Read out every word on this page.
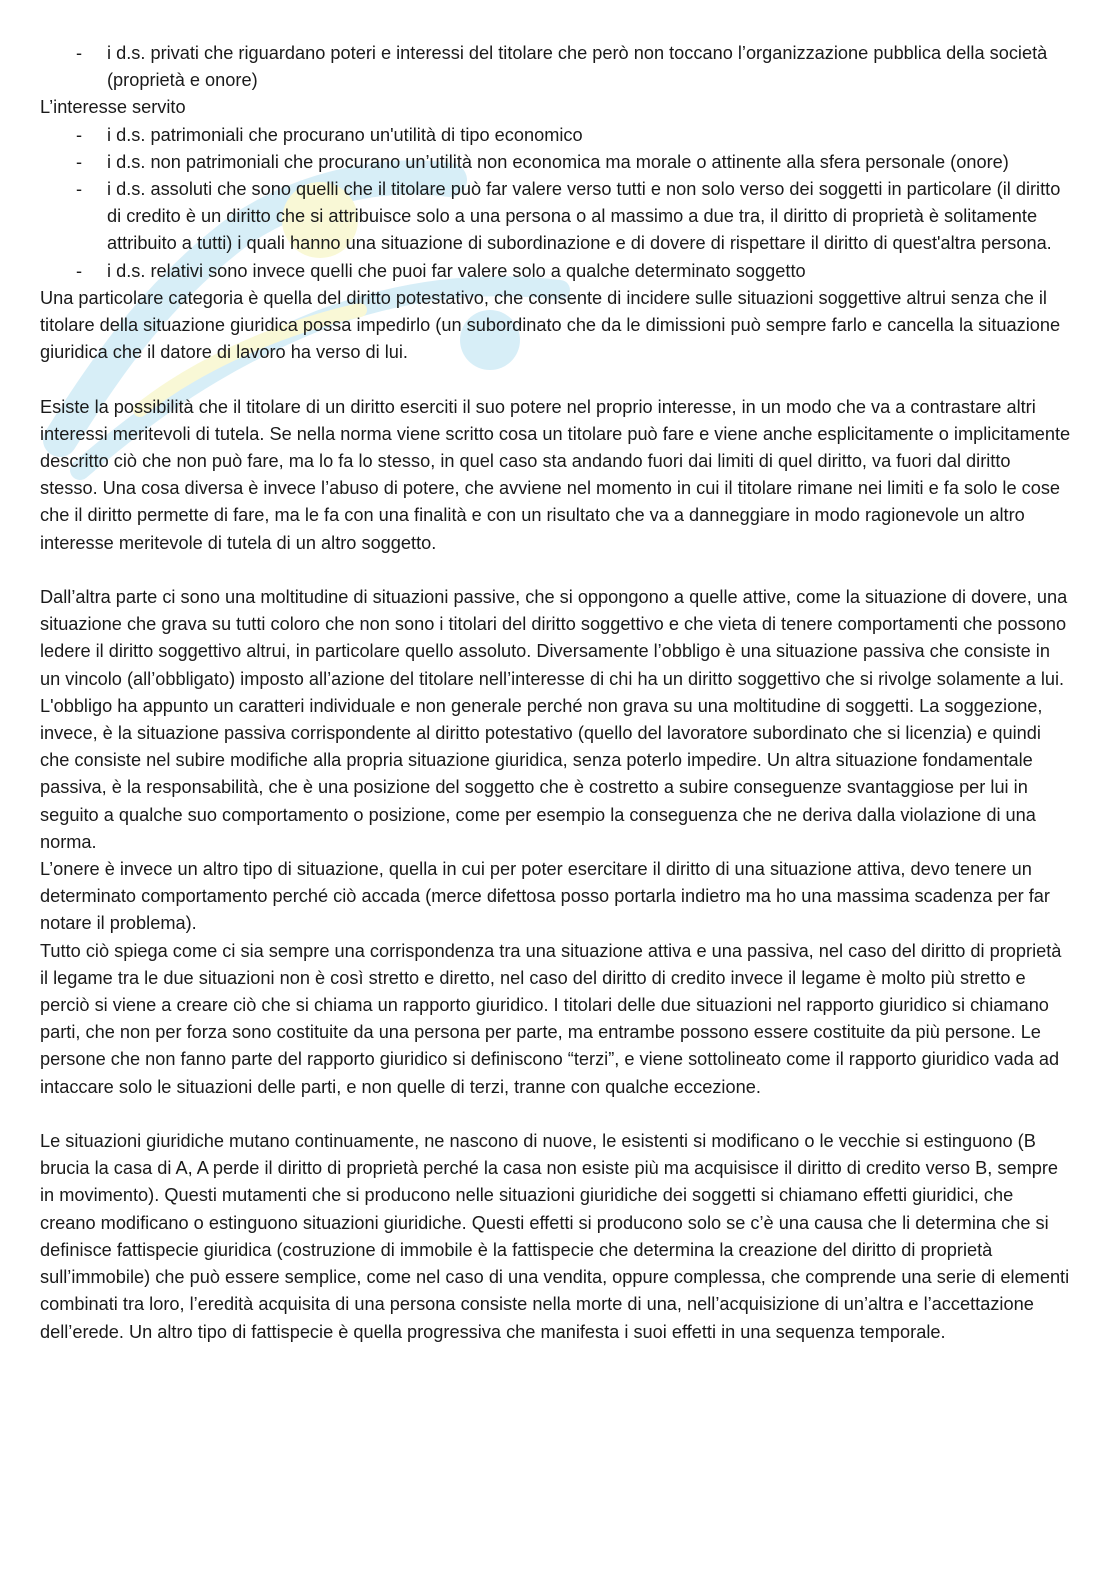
- i d.s. privati che riguardano poteri e interessi del titolare che però non toccano l’organizzazione pubblica della società (proprietà e onore)

L’interesse servito

- i d.s. patrimoniali che procurano un'utilità di tipo economico
- i d.s. non patrimoniali che procurano un’utilità non economica ma morale o attinente alla sfera personale (onore)
- i d.s. assoluti che sono quelli che il titolare può far valere verso tutti e non solo verso dei soggetti in particolare (il diritto di credito è un diritto che si attribuisce solo a una persona o al massimo a due tra, il diritto di proprietà è solitamente attribuito a tutti) i quali hanno una situazione di subordinazione e di dovere di rispettare il diritto di quest'altra persona.
- i d.s. relativi sono invece quelli che puoi far valere solo a qualche determinato soggetto

Una particolare categoria è quella del diritto potestativo, che consente di incidere sulle situazioni soggettive altrui senza che il titolare della situazione giuridica possa impedirlo (un subordinato che da le dimissioni può sempre farlo e cancella la situazione giuridica che il datore di lavoro ha verso di lui.

Esiste la possibilità che il titolare di un diritto eserciti il suo potere nel proprio interesse, in un modo che va a contrastare altri interessi meritevoli di tutela. Se nella norma viene scritto cosa un titolare può fare e viene anche esplicitamente o implicitamente descritto ciò che non può fare, ma lo fa lo stesso, in quel caso sta andando fuori dai limiti di quel diritto, va fuori dal diritto stesso. Una cosa diversa è invece l’abuso di potere, che avviene nel momento in cui il titolare rimane nei limiti e fa solo le cose che il diritto permette di fare, ma le fa con una finalità e con un risultato che va a danneggiare in modo ragionevole un altro interesse meritevole di tutela di un altro soggetto.

Dall’altra parte ci sono una moltitudine di situazioni passive, che si oppongono a quelle attive, come la situazione di dovere, una situazione che grava su tutti coloro che non sono i titolari del diritto soggettivo e che vieta di tenere comportamenti che possono ledere il diritto soggettivo altrui, in particolare quello assoluto. Diversamente l’obbligo è una situazione passiva che consiste in un vincolo (all’obbligato) imposto all’azione del titolare nell’interesse di chi ha un diritto soggettivo che si rivolge solamente a lui. L'obbligo ha appunto un caratteri individuale e non generale perché non grava su una moltitudine di soggetti. La soggezione, invece, è la situazione passiva corrispondente al diritto potestativo (quello del lavoratore subordinato che si licenzia) e quindi che consiste nel subire modifiche alla propria situazione giuridica, senza poterlo impedire. Un altra situazione fondamentale passiva, è la responsabilità, che è una posizione del soggetto che è costretto a subire conseguenze svantaggiose per lui in seguito a qualche suo comportamento o posizione, come per esempio la conseguenza che ne deriva dalla violazione di una norma.

L’onere è invece un altro tipo di situazione, quella in cui per poter esercitare il diritto di una situazione attiva, devo tenere un determinato comportamento perché ciò accada (merce difettosa posso portarla indietro ma ho una massima scadenza per far notare il problema).

Tutto ciò spiega come ci sia sempre una corrispondenza tra una situazione attiva e una passiva, nel caso del diritto di proprietà il legame tra le due situazioni non è così stretto e diretto, nel caso del diritto di credito invece il legame è molto più stretto e perciò si viene a creare ciò che si chiama un rapporto giuridico. I titolari delle due situazioni nel rapporto giuridico si chiamano parti, che non per forza sono costituite da una persona per parte, ma entrambe possono essere costituite da più persone. Le persone che non fanno parte del rapporto giuridico si definiscono “terzi”, e viene sottolineato come il rapporto giuridico vada ad intaccare solo le situazioni delle parti, e non quelle di terzi, tranne con qualche eccezione.

Le situazioni giuridiche mutano continuamente, ne nascono di nuove, le esistenti si modificano o le vecchie si estinguono (B brucia la casa di A, A perde il diritto di proprietà perché la casa non esiste più ma acquisisce il diritto di credito verso B, sempre in movimento). Questi mutamenti che si producono nelle situazioni giuridiche dei soggetti si chiamano effetti giuridici, che creano modificano o estinguono situazioni giuridiche. Questi effetti si producono solo se c’è una causa che li determina che si definisce fattispecie giuridica (costruzione di immobile è la fattispecie che determina la creazione del diritto di proprietà sull’immobile) che può essere semplice, come nel caso di una vendita, oppure complessa, che comprende una serie di elementi combinati tra loro, l’eredità acquisita di una persona consiste nella morte di una, nell’acquisizione di un’altra e l’accettazione dell’erede. Un altro tipo di fattispecie è quella progressiva che manifesta i suoi effetti in una sequenza temporale.
